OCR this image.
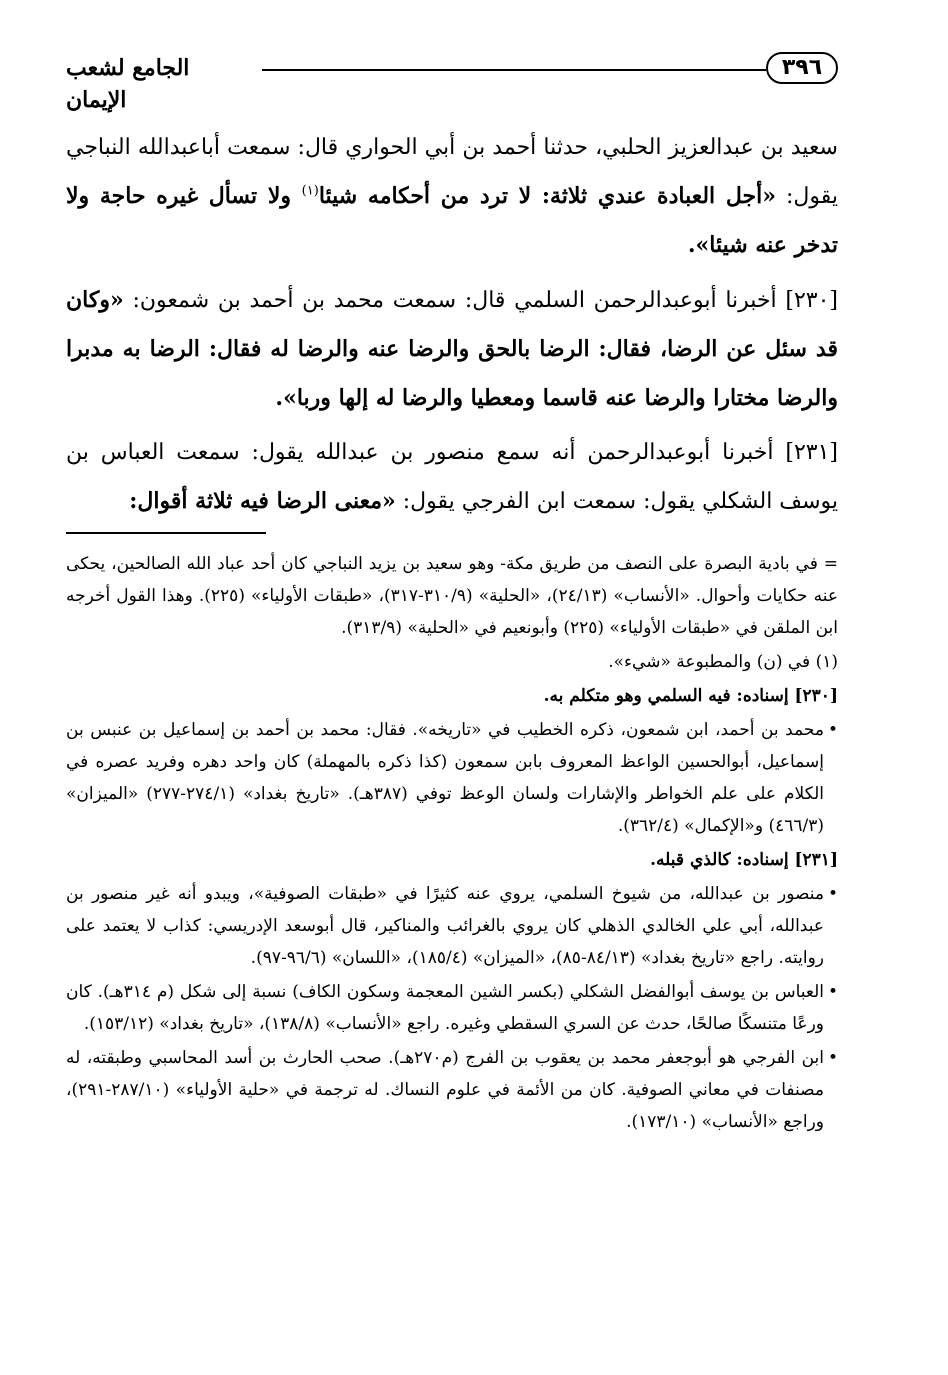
٣٩٦
الجامع لشعب الإيمان

سعيد بن عبدالعزيز الحلبي، حدثنا أحمد بن أبي الحواري قال: سمعت أباعبدالله النباجي يقول: «أجل العبادة عندي ثلاثة: لا ترد من أحكامه شيئا$^{(١)}$ ولا تسأل غيره حاجة ولا تدخر عنه شيئا».

[٢٣٠] أخبرنا أبوعبدالرحمن السلمي قال: سمعت محمد بن أحمد بن شمعون: «وكان قد سئل عن الرضا، فقال: الرضا بالحق والرضا عنه والرضا له فقال: الرضا به مدبرا والرضا مختارا والرضا عنه قاسما ومعطيا والرضا له إلها وربا».

[٢٣١] أخبرنا أبوعبدالرحمن أنه سمع منصور بن عبدالله يقول: سمعت العباس بن يوسف الشكلي يقول: سمعت ابن الفرجي يقول: «معنى الرضا فيه ثلاثة أقوال:

= في بادية البصرة على النصف من طريق مكة- وهو سعيد بن يزيد النباجي كان أحد عباد الله الصالحين، يحكى عنه حكايات وأحوال. «الأنساب» (٢٤/١٣)، «الحلية» (٣١٠/٩-٣١٧)، «طبقات الأولياء» (٢٢٥). وهذا القول أخرجه ابن الملقن في «طبقات الأولياء» (٢٢٥) وأبونعيم في «الحلية» (٣١٣/٩).

(١) في (ن) والمطبوعة «شيء».

[٢٣٠] إسناده: فيه السلمي وهو متكلم به.

• محمد بن أحمد، ابن شمعون، ذكره الخطيب في «تاريخه». فقال: محمد بن أحمد بن إسماعيل بن عنبس بن إسماعيل، أبوالحسين الواعظ المعروف بابن سمعون (كذا ذكره بالمهملة) كان واحد دهره وفريد عصره في الكلام على علم الخواطر والإشارات ولسان الوعظ توفي (٣٨٧هـ). «تاريخ بغداد» (٢٧٤/١-٢٧٧) «الميزان» (٤٦٦/٣) و«الإكمال» (٣٦٢/٤).

[٢٣١] إسناده: كالذي قبله.

• منصور بن عبدالله، من شيوخ السلمي، يروي عنه كثيرًا في «طبقات الصوفية»، ويبدو أنه غير منصور بن عبدالله، أبي علي الخالدي الذهلي كان يروي بالغرائب والمناكير، قال أبوسعد الإدريسي: كذاب لا يعتمد على روايته. راجع «تاريخ بغداد» (٨٤/١٣-٨٥)، «الميزان» (١٨٥/٤)، «اللسان» (٩٦/٦-٩٧).

• العباس بن يوسف أبوالفضل الشكلي (بكسر الشين المعجمة وسكون الكاف) نسبة إلى شكل (م ٣١٤هـ). كان ورعًا متنسكًا صالحًا، حدث عن السري السقطي وغيره. راجع «الأنساب» (١٣٨/٨)، «تاريخ بغداد» (١٥٣/١٢).

• ابن الفرجي هو أبوجعفر محمد بن يعقوب بن الفرج (م٢٧٠هـ). صحب الحارث بن أسد المحاسبي وطبقته، له مصنفات في معاني الصوفية. كان من الأئمة في علوم النساك. له ترجمة في «حلية الأولياء» (٢٨٧/١٠-٢٩١)، وراجع «الأنساب» (١٧٣/١٠).
